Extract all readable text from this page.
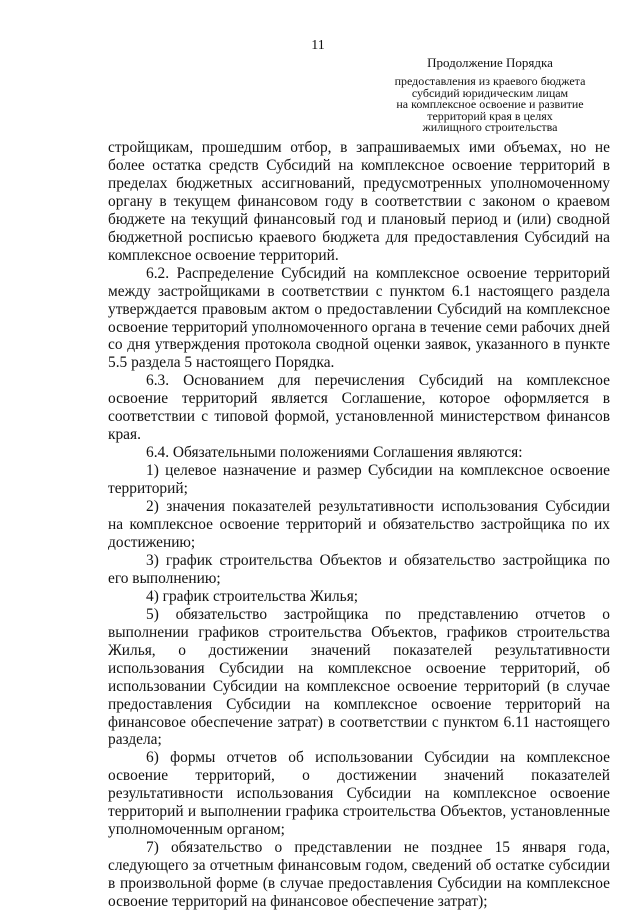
11
Продолжение Порядка
предоставления из краевого бюджета
субсидий юридическим лицам
на комплексное освоение и развитие
территорий края в целях
жилищного строительства

стройщикам, прошедшим отбор, в запрашиваемых ими объемах, но не более остатка средств Субсидий на комплексное освоение территорий в пределах бюджетных ассигнований, предусмотренных уполномоченному органу в текущем финансовом году в соответствии с законом о краевом бюджете на текущий финансовый год и плановый период и (или) сводной бюджетной росписью краевого бюджета для предоставления Субсидий на комплексное освоение территорий.

6.2. Распределение Субсидий на комплексное освоение территорий между застройщиками в соответствии с пунктом 6.1 настоящего раздела утверждается правовым актом о предоставлении Субсидий на комплексное освоение территорий уполномоченного органа в течение семи рабочих дней со дня утверждения протокола сводной оценки заявок, указанного в пункте 5.5 раздела 5 настоящего Порядка.

6.3. Основанием для перечисления Субсидий на комплексное освоение территорий является Соглашение, которое оформляется в соответствии с типовой формой, установленной министерством финансов края.

6.4. Обязательными положениями Соглашения являются:

1) целевое назначение и размер Субсидии на комплексное освоение территорий;

2) значения показателей результативности использования Субсидии на комплексное освоение территорий и обязательство застройщика по их достижению;

3) график строительства Объектов и обязательство застройщика по его выполнению;

4) график строительства Жилья;

5) обязательство застройщика по представлению отчетов о выполнении графиков строительства Объектов, графиков строительства Жилья, о достижении значений показателей результативности использования Субсидии на комплексное освоение территорий, об использовании Субсидии на комплексное освоение территорий (в случае предоставления Субсидии на комплексное освоение территорий на финансовое обеспечение затрат) в соответствии с пунктом 6.11 настоящего раздела;

6) формы отчетов об использовании Субсидии на комплексное освоение территорий, о достижении значений показателей результативности использования Субсидии на комплексное освоение территорий и выполнении графика строительства Объектов, установленные уполномоченным органом;

7) обязательство о представлении не позднее 15 января года, следующего за отчетным финансовым годом, сведений об остатке субсидии в произвольной форме (в случае предоставления Субсидии на комплексное освоение территорий на финансовое обеспечение затрат);
